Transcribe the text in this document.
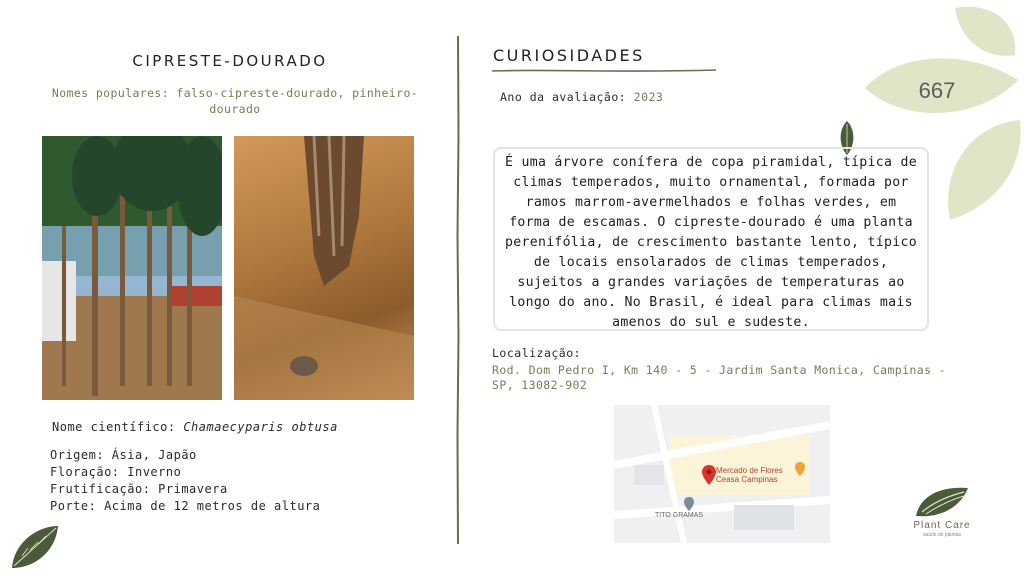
CIPRESTE-DOURADO
Nomes populares: falso-cipreste-dourado, pinheiro-dourado
Nome científico: Chamaecyparis obtusa
Origem: Ásia, Japão
Floração: Inverno
Frutificação: Primavera
Porte: Acima de 12 metros de altura
CURIOSIDADES
Ano da avaliação: 2023
É uma árvore conífera de copa piramidal, típica de climas temperados, muito ornamental, formada por ramos marrom-avermelhados e folhas verdes, em forma de escamas. O cipreste-dourado é uma planta perenifólia, de crescimento bastante lento, típico de locais ensolarados de climas temperados, sujeitos a grandes variações de temperaturas ao longo do ano. No Brasil, é ideal para climas mais amenos do sul e sudeste.
Localização:
Rod. Dom Pedro I, Km 140 - 5 - Jardim Santa Monica, Campinas - SP, 13082-902
Mercado de Flores Ceasa Campinas
TITO GRAMAS
667
Plant Care
saúde de plantas
